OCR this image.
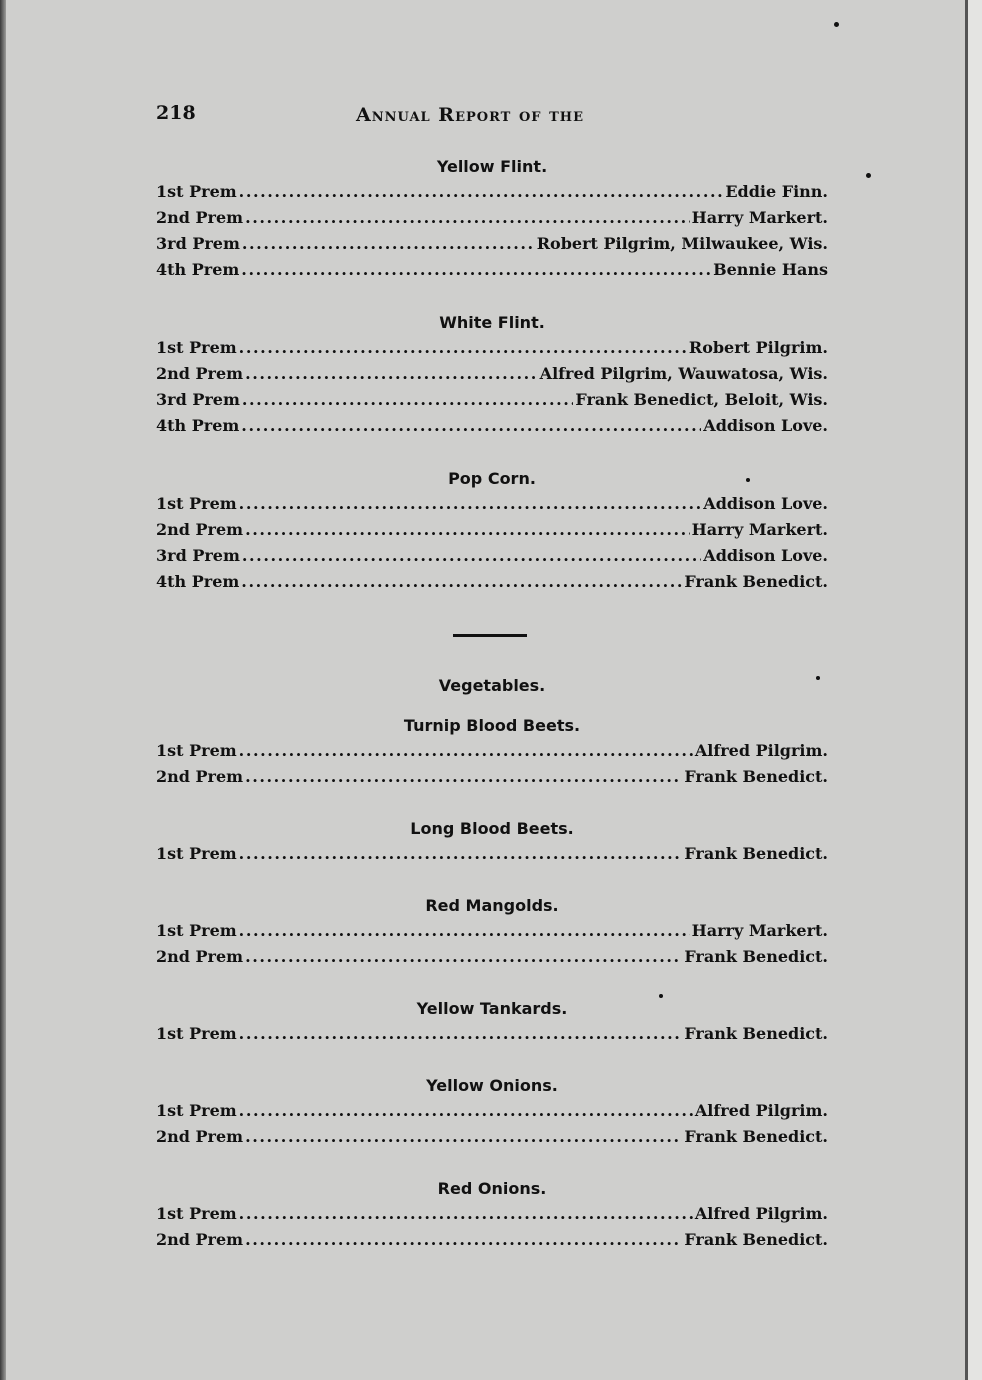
218	Annual Report of the
Yellow Flint.
1st Prem . . .	Eddie Finn.
2nd Prem . . .	Harry Markert.
3rd Prem . . .	Robert Pilgrim, Milwaukee, Wis.
4th Prem . . .	Bennie Hans
White Flint.
1st Prem . . .	Robert Pilgrim.
2nd Prem . . .	Alfred Pilgrim, Wauwatosa, Wis.
3rd Prem . . .	Frank Benedict, Beloit, Wis.
4th Prem . . .	Addison Love.
Pop Corn.
1st Prem . . .	Addison Love.
2nd Prem . . .	Harry Markert.
3rd Prem . . .	Addison Love.
4th Prem . . .	Frank Benedict.
Vegetables.
Turnip Blood Beets.
1st Prem . . .	Alfred Pilgrim.
2nd Prem . . .	Frank Benedict.
Long Blood Beets.
1st Prem . . .	Frank Benedict.
Red Mangolds.
1st Prem . . .	Harry Markert.
2nd Prem . . .	Frank Benedict.
Yellow Tankards.
1st Prem . . .	Frank Benedict.
Yellow Onions.
1st Prem . . .	Alfred Pilgrim.
2nd Prem . . .	Frank Benedict.
Red Onions.
1st Prem . . .	Alfred Pilgrim.
2nd Prem . . .	Frank Benedict.
